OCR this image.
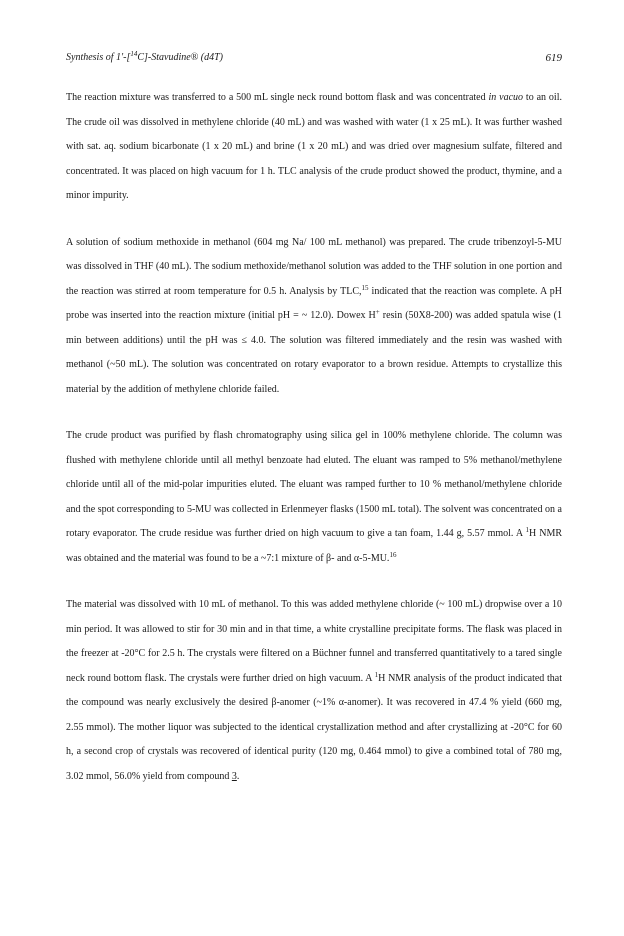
Synthesis of 1'-[$^{14}$C]-Stavudine® (d4T)	619

The reaction mixture was transferred to a 500 mL single neck round bottom flask and was concentrated in vacuo to an oil. The crude oil was dissolved in methylene chloride (40 mL) and was washed with water (1 x 25 mL). It was further washed with sat. aq. sodium bicarbonate (1 x 20 mL) and brine (1 x 20 mL) and was dried over magnesium sulfate, filtered and concentrated. It was placed on high vacuum for 1 h. TLC analysis of the crude product showed the product, thymine, and a minor impurity.

A solution of sodium methoxide in methanol (604 mg Na/ 100 mL methanol) was prepared. The crude tribenzoyl-5-MU was dissolved in THF (40 mL). The sodium methoxide/methanol solution was added to the THF solution in one portion and the reaction was stirred at room temperature for 0.5 h. Analysis by TLC,$^{15}$ indicated that the reaction was complete. A pH probe was inserted into the reaction mixture (initial pH = ~ 12.0). Dowex H+ resin (50X8-200) was added spatula wise (1 min between additions) until the pH was ≤ 4.0. The solution was filtered immediately and the resin was washed with methanol (~50 mL). The solution was concentrated on rotary evaporator to a brown residue. Attempts to crystallize this material by the addition of methylene chloride failed.

The crude product was purified by flash chromatography using silica gel in 100% methylene chloride. The column was flushed with methylene chloride until all methyl benzoate had eluted. The eluant was ramped to 5% methanol/methylene chloride until all of the mid-polar impurities eluted. The eluant was ramped further to 10 % methanol/methylene chloride and the spot corresponding to 5-MU was collected in Erlenmeyer flasks (1500 mL total). The solvent was concentrated on a rotary evaporator. The crude residue was further dried on high vacuum to give a tan foam, 1.44 g, 5.57 mmol. A $^1$H NMR was obtained and the material was found to be a ~7:1 mixture of β- and α-5-MU.$^{16}$

The material was dissolved with 10 mL of methanol. To this was added methylene chloride (~ 100 mL) dropwise over a 10 min period. It was allowed to stir for 30 min and in that time, a white crystalline precipitate forms. The flask was placed in the freezer at -20°C for 2.5 h. The crystals were filtered on a Büchner funnel and transferred quantitatively to a tared single neck round bottom flask. The crystals were further dried on high vacuum. A $^1$H NMR analysis of the product indicated that the compound was nearly exclusively the desired β-anomer (~1% α-anomer). It was recovered in 47.4 % yield (660 mg, 2.55 mmol). The mother liquor was subjected to the identical crystallization method and after crystallizing at -20°C for 60 h, a second crop of crystals was recovered of identical purity (120 mg, 0.464 mmol) to give a combined total of 780 mg, 3.02 mmol, 56.0% yield from compound 3.
